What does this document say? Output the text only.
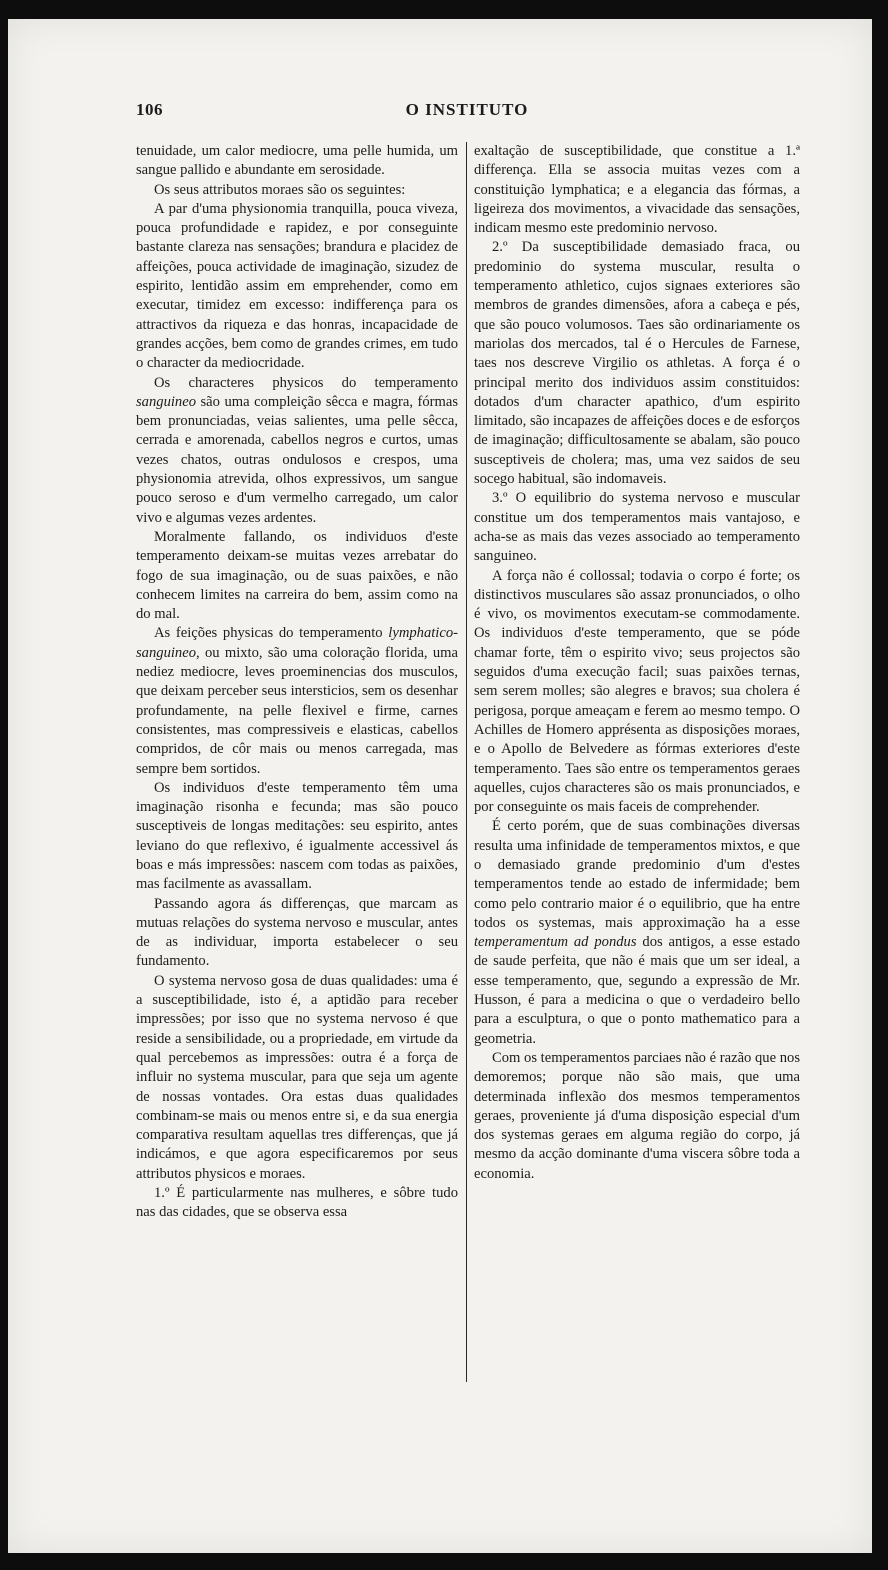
106	O INSTITUTO

tenuidade, um calor mediocre, uma pelle humida, um sangue pallido e abundante em serosidade.

Os seus attributos moraes são os seguintes:

A par d'uma physionomia tranquilla, pouca viveza, pouca profundidade e rapidez, e por conseguinte bastante clareza nas sensações; brandura e placidez de affeições, pouca actividade de imaginação, sizudez de espirito, lentidão assim em emprehender, como em executar, timidez em excesso: indifferença para os attractivos da riqueza e das honras, incapacidade de grandes acções, bem como de grandes crimes, em tudo o character da mediocridade.

Os characteres physicos do temperamento sanguineo são uma compleição sêcca e magra, fórmas bem pronunciadas, veias salientes, uma pelle sêcca, cerrada e amorenada, cabellos negros e curtos, umas vezes chatos, outras ondulosos e crespos, uma physionomia atrevida, olhos expressivos, um sangue pouco seroso e d'um vermelho carregado, um calor vivo e algumas vezes ardentes.

Moralmente fallando, os individuos d'este temperamento deixam-se muitas vezes arrebatar do fogo de sua imaginação, ou de suas paixões, e não conhecem limites na carreira do bem, assim como na do mal.

As feições physicas do temperamento lymphatico-sanguineo, ou mixto, são uma coloração florida, uma nediez mediocre, leves proeminencias dos musculos, que deixam perceber seus intersticios, sem os desenhar profundamente, na pelle flexivel e firme, carnes consistentes, mas compressiveis e elasticas, cabellos compridos, de côr mais ou menos carregada, mas sempre bem sortidos.

Os individuos d'este temperamento têm uma imaginação risonha e fecunda; mas são pouco susceptiveis de longas meditações: seu espirito, antes leviano do que reflexivo, é igualmente accessivel ás boas e más impressões: nascem com todas as paixões, mas facilmente as avassallam.

Passando agora ás differenças, que marcam as mutuas relações do systema nervoso e muscular, antes de as individuar, importa estabelecer o seu fundamento.

O systema nervoso gosa de duas qualidades: uma é a susceptibilidade, isto é, a aptidão para receber impressões; por isso que no systema nervoso é que reside a sensibilidade, ou a propriedade, em virtude da qual percebemos as impressões: outra é a força de influir no systema muscular, para que seja um agente de nossas vontades. Ora estas duas qualidades combinam-se mais ou menos entre si, e da sua energia comparativa resultam aquellas tres differenças, que já indicámos, e que agora especificaremos por seus attributos physicos e moraes.

1.º É particularmente nas mulheres, e sôbre tudo nas das cidades, que se observa essa

exaltação de susceptibilidade, que constitue a 1.ª differença. Ella se associa muitas vezes com a constituição lymphatica; e a elegancia das fórmas, a ligeireza dos movimentos, a vivacidade das sensações, indicam mesmo este predominio nervoso.

2.º Da susceptibilidade demasiado fraca, ou predominio do systema muscular, resulta o temperamento athletico, cujos signaes exteriores são membros de grandes dimensões, afora a cabeça e pés, que são pouco volumosos. Taes são ordinariamente os mariolas dos mercados, tal é o Hercules de Farnese, taes nos descreve Virgilio os athletas. A força é o principal merito dos individuos assim constituidos: dotados d'um character apathico, d'um espirito limitado, são incapazes de affeições doces e de esforços de imaginação; difficultosamente se abalam, são pouco susceptiveis de cholera; mas, uma vez saidos de seu socego habitual, são indomaveis.

3.º O equilibrio do systema nervoso e muscular constitue um dos temperamentos mais vantajoso, e acha-se as mais das vezes associado ao temperamento sanguineo.

A força não é collossal; todavia o corpo é forte; os distinctivos musculares são assaz pronunciados, o olho é vivo, os movimentos executam-se commodamente. Os individuos d'este temperamento, que se póde chamar forte, têm o espirito vivo; seus projectos são seguidos d'uma execução facil; suas paixões ternas, sem serem molles; são alegres e bravos; sua cholera é perigosa, porque ameaçam e ferem ao mesmo tempo. O Achilles de Homero apprésenta as disposições moraes, e o Apollo de Belvedere as fórmas exteriores d'este temperamento. Taes são entre os temperamentos geraes aquelles, cujos characteres são os mais pronunciados, e por conseguinte os mais faceis de comprehender.

É certo porém, que de suas combinações diversas resulta uma infinidade de temperamentos mixtos, e que o demasiado grande predominio d'um d'estes temperamentos tende ao estado de infermidade; bem como pelo contrario maior é o equilibrio, que ha entre todos os systemas, mais approximação ha a esse temperamentum ad pondus dos antigos, a esse estado de saude perfeita, que não é mais que um ser ideal, a esse temperamento, que, segundo a expressão de Mr. Husson, é para a medicina o que o verdadeiro bello para a esculptura, o que o ponto mathematico para a geometria.

Com os temperamentos parciaes não é razão que nos demoremos; porque não são mais, que uma determinada inflexão dos mesmos temperamentos geraes, proveniente já d'uma disposição especial d'um dos systemas geraes em alguma região do corpo, já mesmo da acção dominante d'uma viscera sôbre toda a economia.
